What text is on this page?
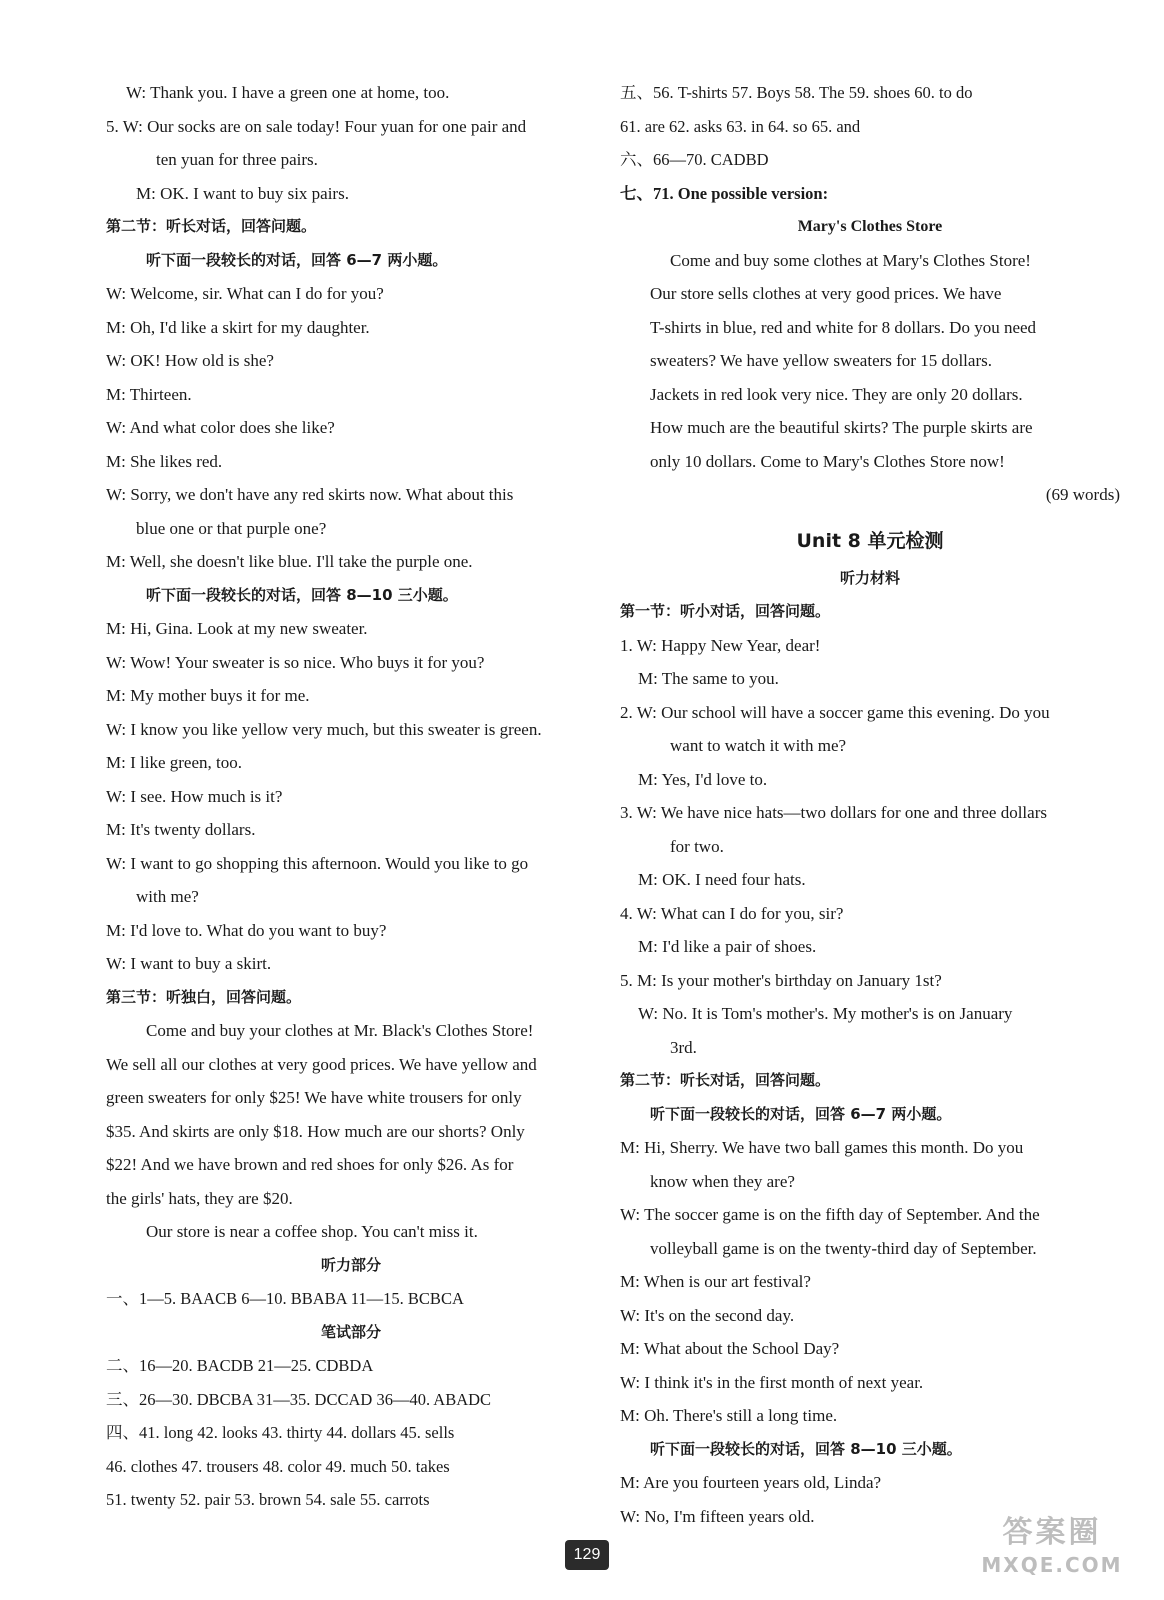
W: Thank you. I have a green one at home, too.
5. W: Our socks are on sale today! Four yuan for one pair and
ten yuan for three pairs.
M: OK. I want to buy six pairs.
第二节：听长对话，回答问题。
听下面一段较长的对话，回答 6—7 两小题。
W: Welcome, sir. What can I do for you?
M: Oh, I'd like a skirt for my daughter.
W: OK! How old is she?
M: Thirteen.
W: And what color does she like?
M: She likes red.
W: Sorry, we don't have any red skirts now. What about this
blue one or that purple one?
M: Well, she doesn't like blue. I'll take the purple one.
听下面一段较长的对话，回答 8—10 三小题。
M: Hi, Gina. Look at my new sweater.
W: Wow! Your sweater is so nice. Who buys it for you?
M: My mother buys it for me.
W: I know you like yellow very much, but this sweater is green.
M: I like green, too.
W: I see. How much is it?
M: It's twenty dollars.
W: I want to go shopping this afternoon. Would you like to go
with me?
M: I'd love to. What do you want to buy?
W: I want to buy a skirt.
第三节：听独白，回答问题。
Come and buy your clothes at Mr. Black's Clothes Store!
We sell all our clothes at very good prices. We have yellow and
green sweaters for only $25! We have white trousers for only
$35. And skirts are only $18. How much are our shorts? Only
$22! And we have brown and red shoes for only $26. As for
the girls' hats, they are $20.
Our store is near a coffee shop. You can't miss it.
听力部分
一、1—5. BAACB 6—10. BBABA 11—15. BCBCA
笔试部分
二、16—20. BACDB 21—25. CDBDA
三、26—30. DBCBA 31—35. DCCAD 36—40. ABADC
四、41. long 42. looks 43. thirty 44. dollars 45. sells
46. clothes 47. trousers 48. color 49. much 50. takes
51. twenty 52. pair 53. brown 54. sale 55. carrots
五、56. T-shirts 57. Boys 58. The 59. shoes 60. to do
61. are 62. asks 63. in 64. so 65. and
六、66—70. CADBD
七、71. One possible version:
Mary's Clothes Store
Come and buy some clothes at Mary's Clothes Store!
Our store sells clothes at very good prices. We have
T-shirts in blue, red and white for 8 dollars. Do you need
sweaters? We have yellow sweaters for 15 dollars.
Jackets in red look very nice. They are only 20 dollars.
How much are the beautiful skirts? The purple skirts are
only 10 dollars. Come to Mary's Clothes Store now!
(69 words)
Unit 8 单元检测
听力材料
第一节：听小对话，回答问题。
1. W: Happy New Year, dear!
M: The same to you.
2. W: Our school will have a soccer game this evening. Do you
want to watch it with me?
M: Yes, I'd love to.
3. W: We have nice hats—two dollars for one and three dollars
for two.
M: OK. I need four hats.
4. W: What can I do for you, sir?
M: I'd like a pair of shoes.
5. M: Is your mother's birthday on January 1st?
W: No. It is Tom's mother's. My mother's is on January
3rd.
第二节：听长对话，回答问题。
听下面一段较长的对话，回答 6—7 两小题。
M: Hi, Sherry. We have two ball games this month. Do you
know when they are?
W: The soccer game is on the fifth day of September. And the
volleyball game is on the twenty-third day of September.
M: When is our art festival?
W: It's on the second day.
M: What about the School Day?
W: I think it's in the first month of next year.
M: Oh. There's still a long time.
听下面一段较长的对话，回答 8—10 三小题。
M: Are you fourteen years old, Linda?
W: No, I'm fifteen years old.
129
答案圈
MXQE.COM
